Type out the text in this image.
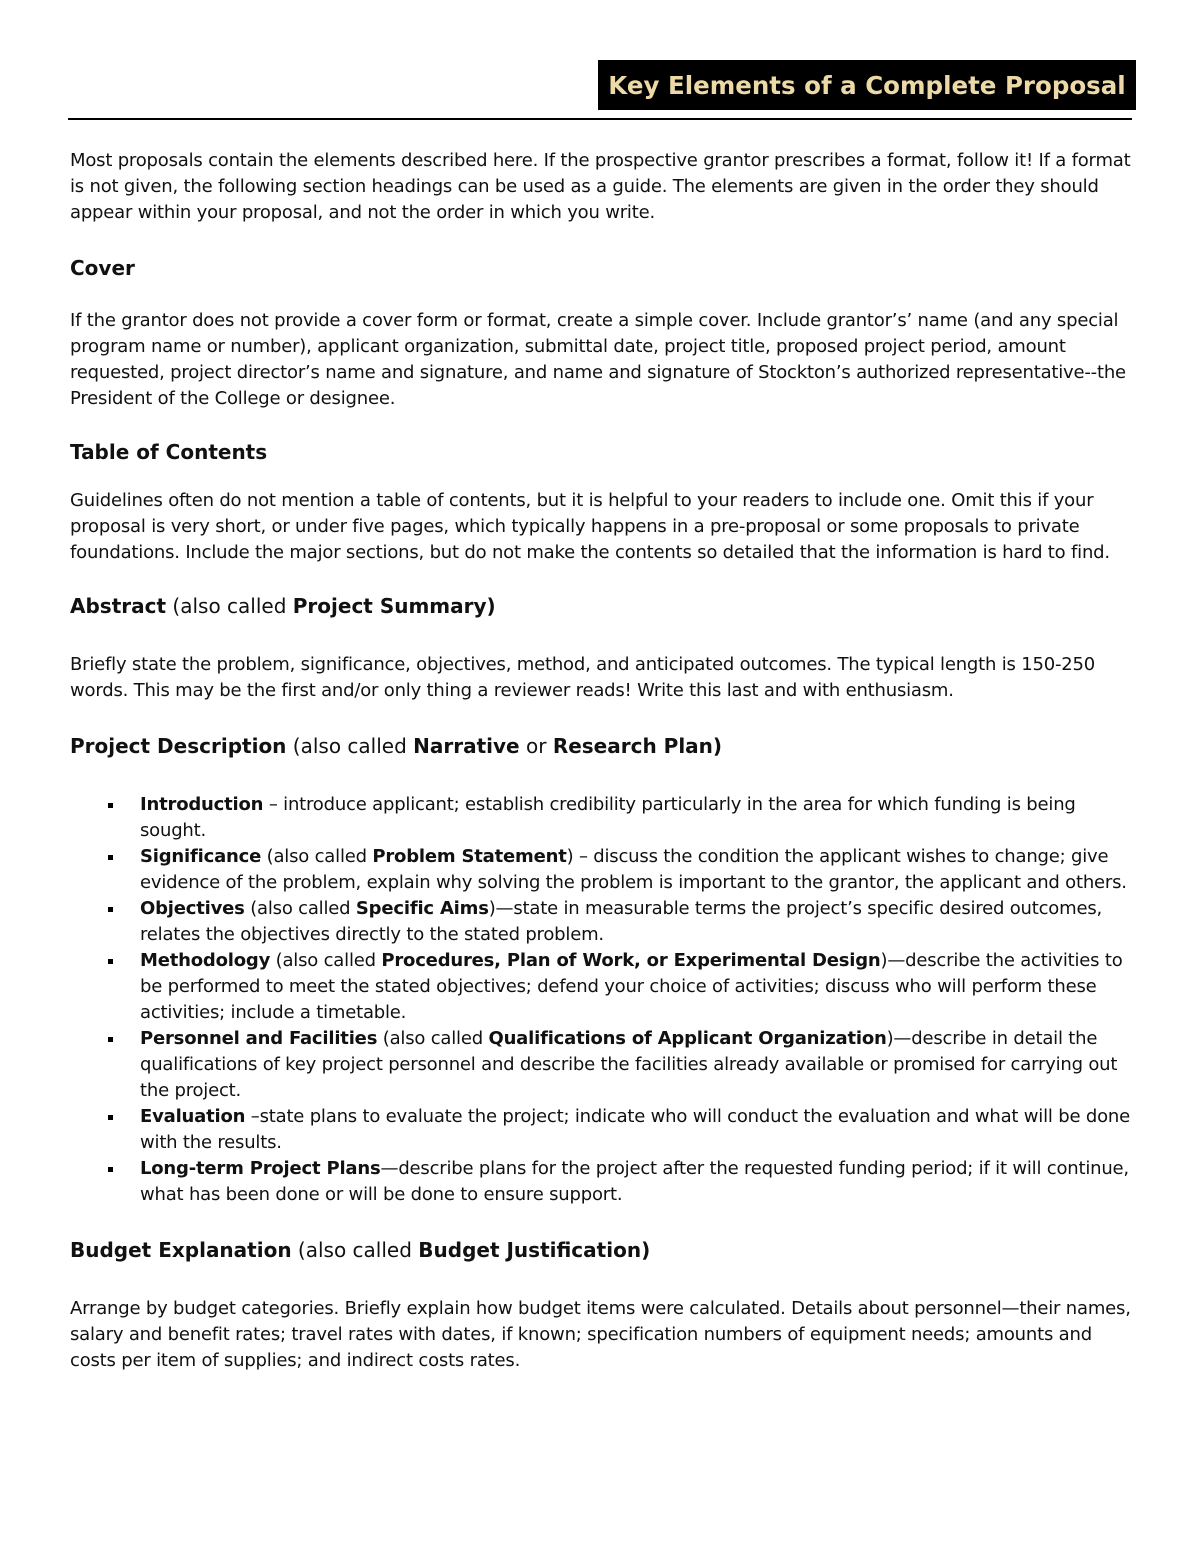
Key Elements of a Complete Proposal

Most proposals contain the elements described here. If the prospective grantor prescribes a format, follow it! If a format is not given, the following section headings can be used as a guide. The elements are given in the order they should appear within your proposal, and not the order in which you write.

Cover

If the grantor does not provide a cover form or format, create a simple cover. Include grantor’s’ name (and any special program name or number), applicant organization, submittal date, project title, proposed project period, amount requested, project director’s name and signature, and name and signature of Stockton’s authorized representative--the President of the College or designee.

Table of Contents

Guidelines often do not mention a table of contents, but it is helpful to your readers to include one. Omit this if your proposal is very short, or under five pages, which typically happens in a pre-proposal or some proposals to private foundations. Include the major sections, but do not make the contents so detailed that the information is hard to find.

Abstract (also called Project Summary)

Briefly state the problem, significance, objectives, method, and anticipated outcomes. The typical length is 150-250 words. This may be the first and/or only thing a reviewer reads! Write this last and with enthusiasm.

Project Description (also called Narrative or Research Plan)
Introduction – introduce applicant; establish credibility particularly in the area for which funding is being sought.
Significance (also called Problem Statement) – discuss the condition the applicant wishes to change; give evidence of the problem, explain why solving the problem is important to the grantor, the applicant and others.
Objectives (also called Specific Aims)—state in measurable terms the project’s specific desired outcomes, relates the objectives directly to the stated problem.
Methodology (also called Procedures, Plan of Work, or Experimental Design)—describe the activities to be performed to meet the stated objectives; defend your choice of activities; discuss who will perform these activities; include a timetable.
Personnel and Facilities (also called Qualifications of Applicant Organization)—describe in detail the qualifications of key project personnel and describe the facilities already available or promised for carrying out the project.
Evaluation –state plans to evaluate the project; indicate who will conduct the evaluation and what will be done with the results.
Long-term Project Plans—describe plans for the project after the requested funding period; if it will continue, what has been done or will be done to ensure support.
Budget Explanation (also called Budget Justification)

Arrange by budget categories. Briefly explain how budget items were calculated. Details about personnel—their names, salary and benefit rates; travel rates with dates, if known; specification numbers of equipment needs; amounts and costs per item of supplies; and indirect costs rates.
